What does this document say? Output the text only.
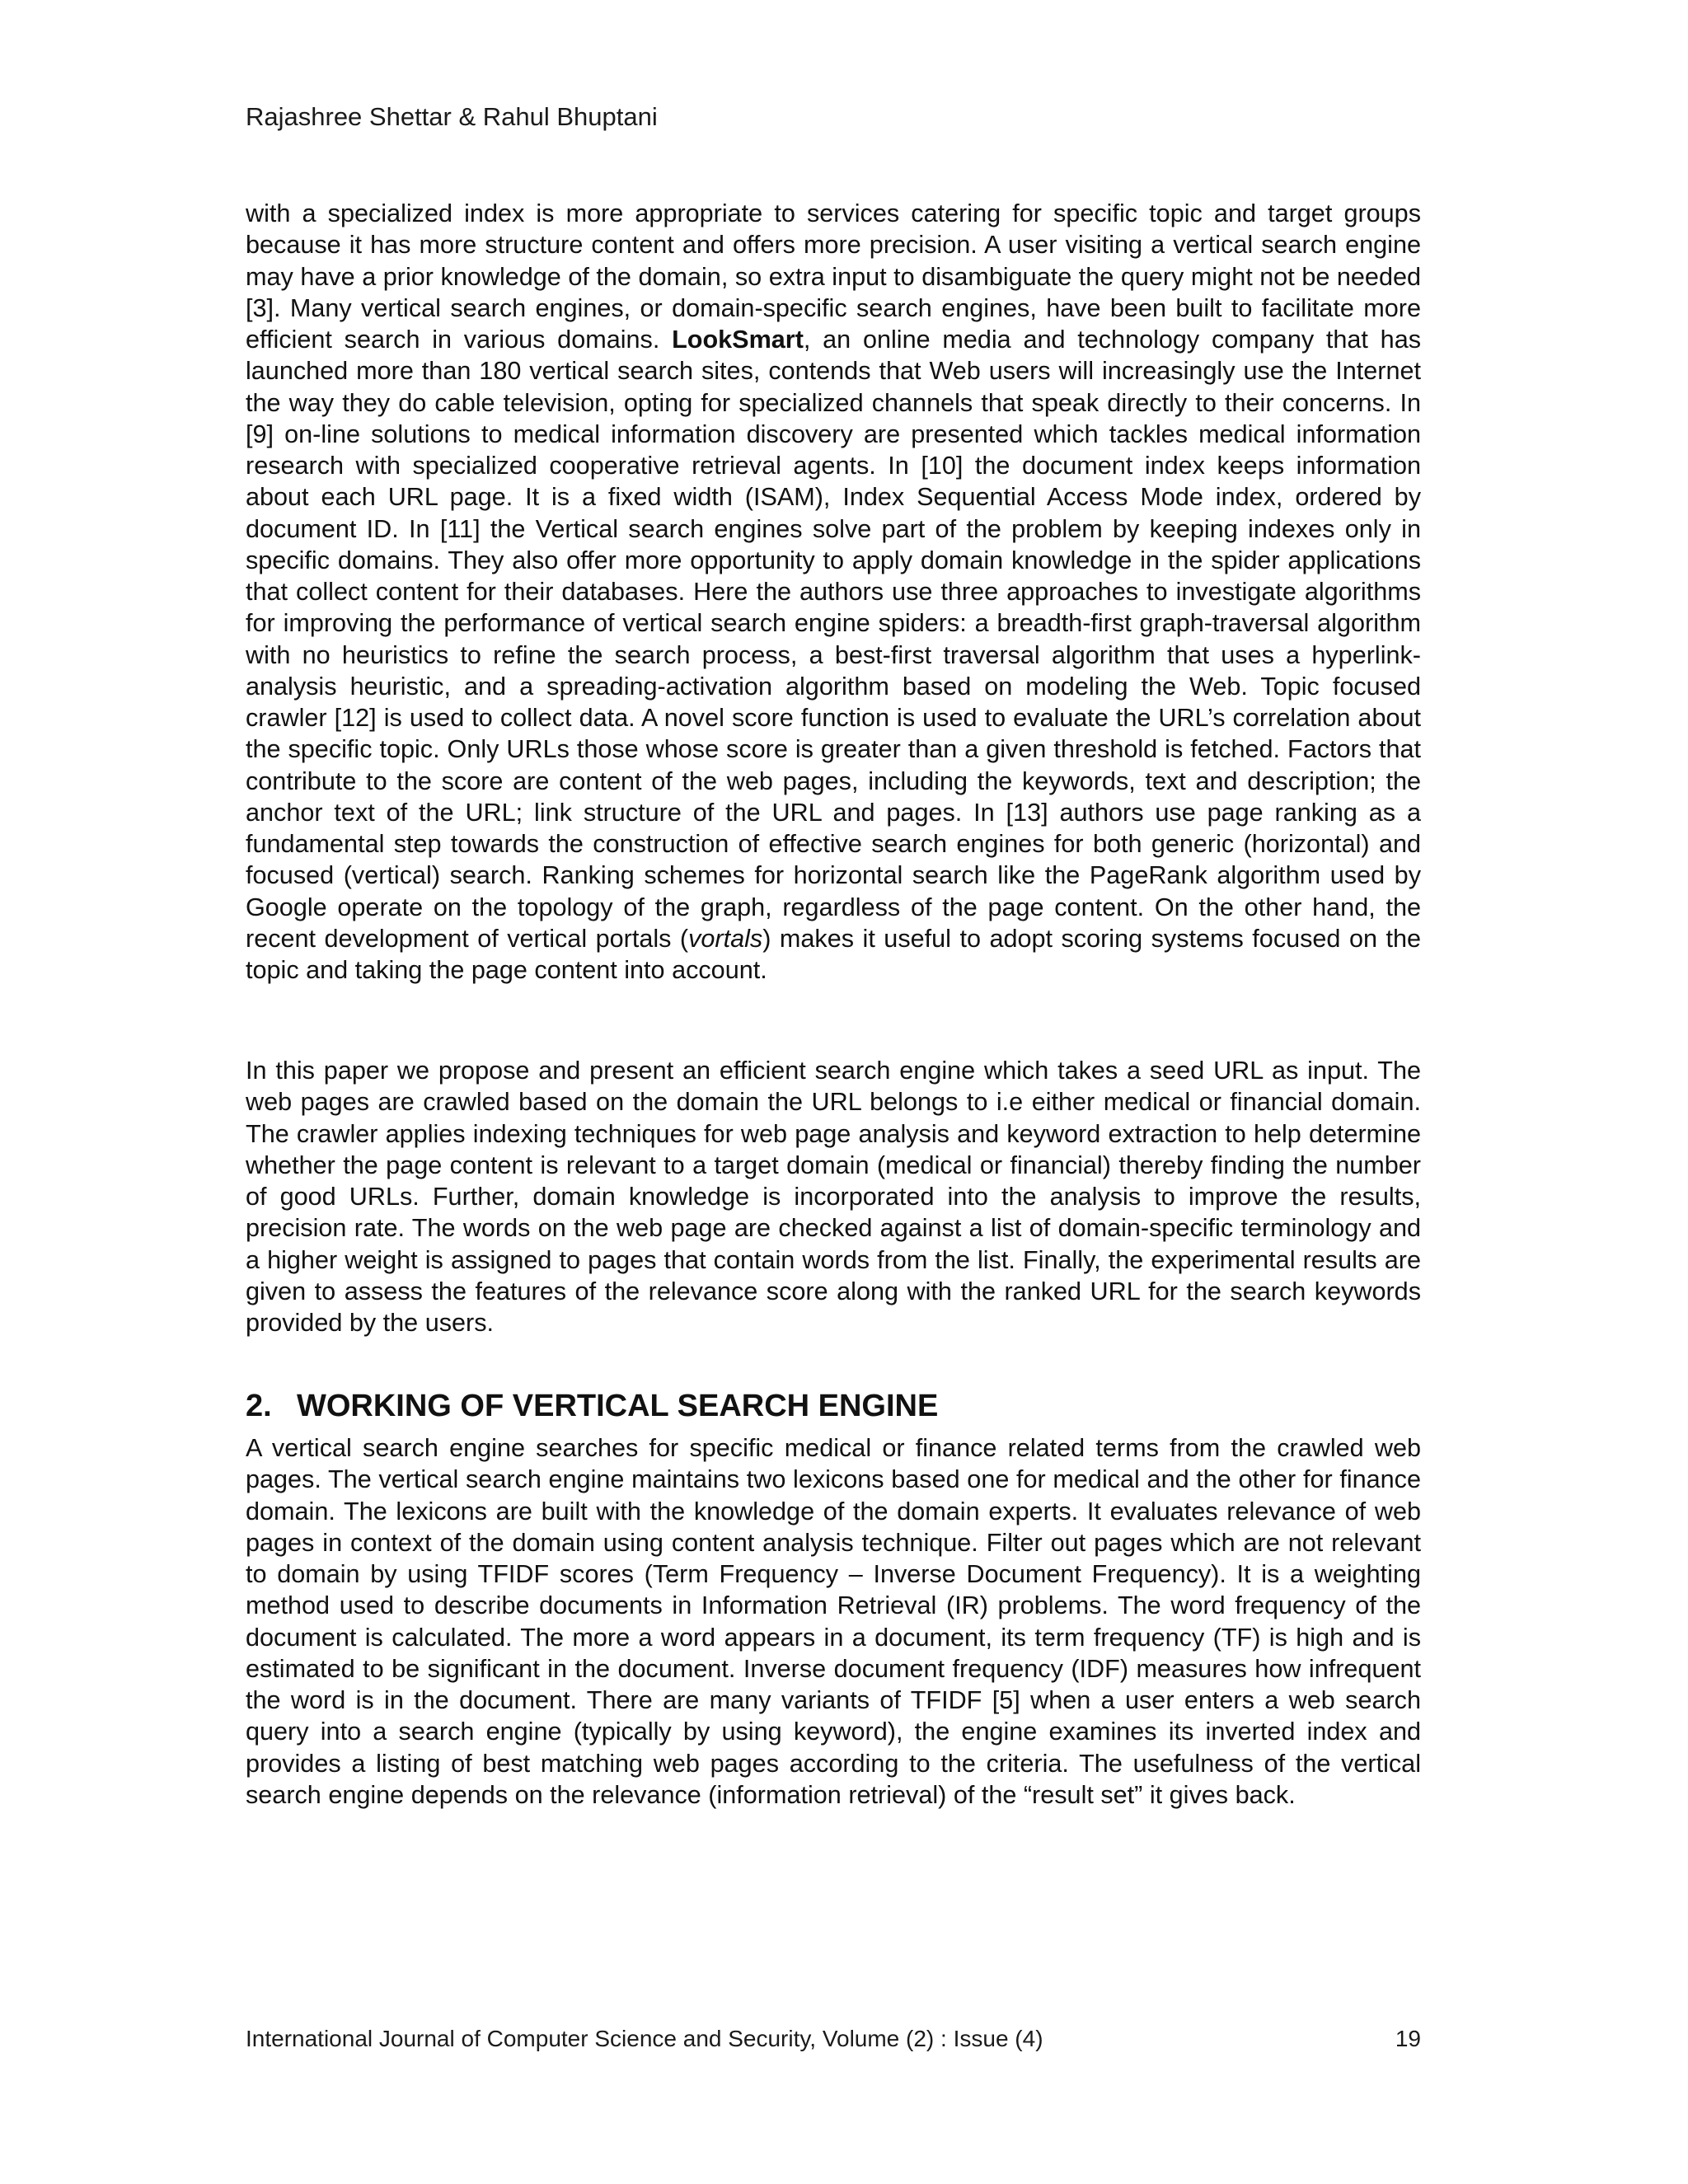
Rajashree Shettar & Rahul Bhuptani

with a specialized index is more appropriate to services catering for specific topic and target groups because it has more structure content and offers more precision. A user visiting a vertical search engine may have a prior knowledge of the domain, so extra input to disambiguate the query might not be needed [3]. Many vertical search engines, or domain-specific search engines, have been built to facilitate more efficient search in various domains. LookSmart, an online media and technology company that has launched more than 180 vertical search sites, contends that Web users will increasingly use the Internet the way they do cable television, opting for specialized channels that speak directly to their concerns. In [9] on-line solutions to medical information discovery are presented which tackles medical information research with specialized cooperative retrieval agents. In [10] the document index keeps information about each URL page. It is a fixed width (ISAM), Index Sequential Access Mode index, ordered by document ID. In [11] the Vertical search engines solve part of the problem by keeping indexes only in specific domains. They also offer more opportunity to apply domain knowledge in the spider applications that collect content for their databases. Here the authors use three approaches to investigate algorithms for improving the performance of vertical search engine spiders: a breadth-first graph-traversal algorithm with no heuristics to refine the search process, a best-first traversal algorithm that uses a hyperlink-analysis heuristic, and a spreading-activation algorithm based on modeling the Web. Topic focused crawler [12] is used to collect data. A novel score function is used to evaluate the URL’s correlation about the specific topic. Only URLs those whose score is greater than a given threshold is fetched. Factors that contribute to the score are content of the web pages, including the keywords, text and description; the anchor text of the URL; link structure of the URL and pages. In [13] authors use page ranking as a fundamental step towards the construction of effective search engines for both generic (horizontal) and focused (vertical) search. Ranking schemes for horizontal search like the PageRank algorithm used by Google operate on the topology of the graph, regardless of the page content. On the other hand, the recent development of vertical portals (vortals) makes it useful to adopt scoring systems focused on the topic and taking the page content into account.

In this paper we propose and present an efficient search engine which takes a seed URL as input. The web pages are crawled based on the domain the URL belongs to i.e either medical or financial domain. The crawler applies indexing techniques for web page analysis and keyword extraction to help determine whether the page content is relevant to a target domain (medical or financial) thereby finding the number of good URLs. Further, domain knowledge is incorporated into the analysis to improve the results, precision rate. The words on the web page are checked against a list of domain-specific terminology and a higher weight is assigned to pages that contain words from the list. Finally, the experimental results are given to assess the features of the relevance score along with the ranked URL for the search keywords provided by the users.

2. WORKING OF VERTICAL SEARCH ENGINE

A vertical search engine searches for specific medical or finance related terms from the crawled web pages. The vertical search engine maintains two lexicons based one for medical and the other for finance domain. The lexicons are built with the knowledge of the domain experts. It evaluates relevance of web pages in context of the domain using content analysis technique. Filter out pages which are not relevant to domain by using TFIDF scores (Term Frequency – Inverse Document Frequency). It is a weighting method used to describe documents in Information Retrieval (IR) problems. The word frequency of the document is calculated. The more a word appears in a document, its term frequency (TF) is high and is estimated to be significant in the document. Inverse document frequency (IDF) measures how infrequent the word is in the document. There are many variants of TFIDF [5] when a user enters a web search query into a search engine (typically by using keyword), the engine examines its inverted index and provides a listing of best matching web pages according to the criteria. The usefulness of the vertical search engine depends on the relevance (information retrieval) of the “result set” it gives back.

International Journal of Computer Science and Security, Volume (2) : Issue (4)	19
